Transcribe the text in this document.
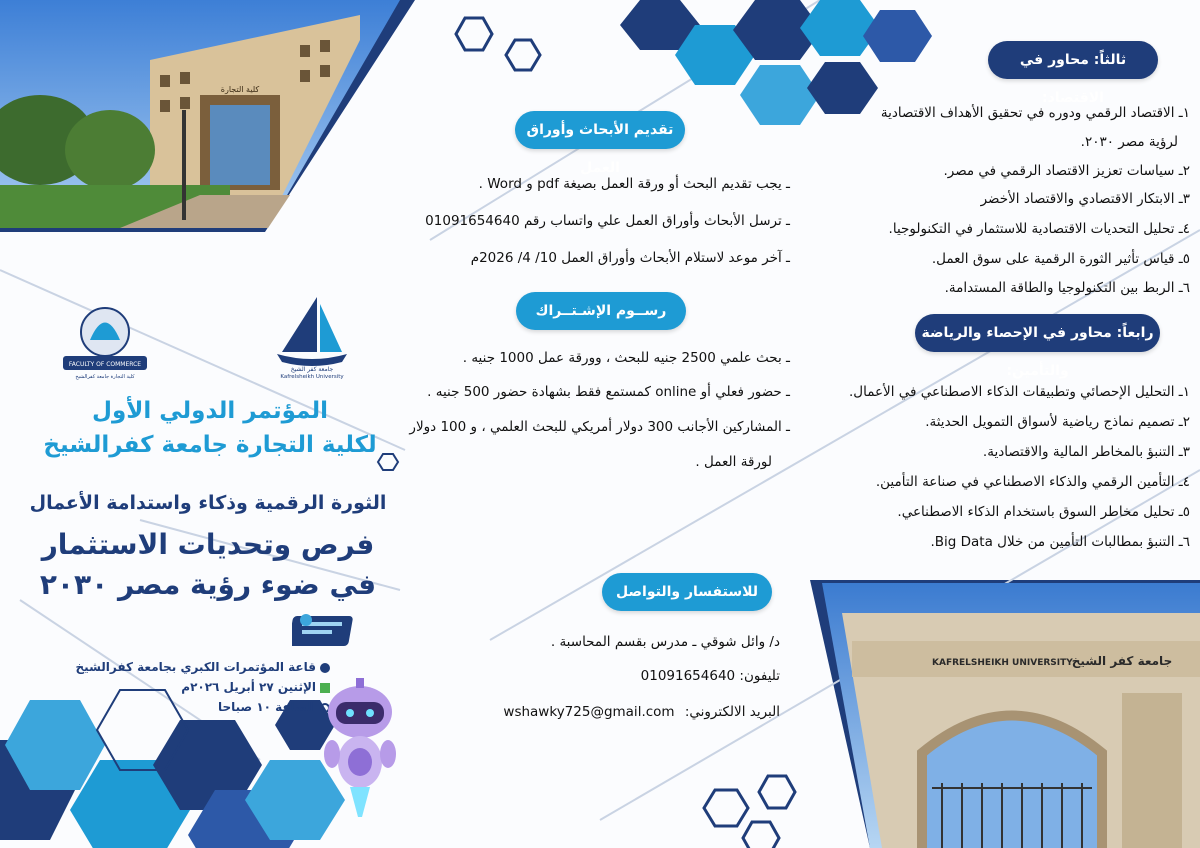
كلية التجارة
KAFRELSHEIKH UNIVERSITY
جامعة كفر الشيخ
FACULTY OF COMMERCE
كلية التجارة جامعة كفرالشيخ
جامعة كفر الشيخ
Kafrelsheikh University
المؤتمر الدولي الأول
لكلية التجارة جامعة كفرالشيخ
الثورة الرقمية وذكاء واستدامة الأعمال
فرص وتحديات الاستثمار
في ضوء رؤية مصر ٢٠٣٠
قاعة المؤتمرات الكبري بجامعة كفرالشيخ
الإثنين ٢٧ أبريل ٢٠٢٦م
الساعة ١٠ صباحا
تقديم الأبحاث وأوراق العمل
ـ يجب تقديم البحث أو ورقة العمل بصيغة pdf و Word .
ـ ترسل الأبحاث وأوراق العمل علي واتساب رقم 01091654640
ـ آخر موعد لاستلام الأبحاث وأوراق العمل 10/ 4/ 2026م
رســوم الإشـتــراك
ـ بحث علمي 2500 جنيه للبحث ، وورقة عمل 1000 جنيه .
ـ حضور فعلي أو online كمستمع فقط بشهادة حضور 500 جنيه .
ـ المشاركين الأجانب 300 دولار أمريكي للبحث العلمي ، و 100 دولار
لورقة العمل .
للاستفسار والتواصل
د/ وائل شوقي ـ مدرس بقسم المحاسبة .
تليفون: 01091654640
البريد الالكتروني: wshawky725@gmail.com
ثالثاً: محاور في الاقتصاد:
١ـ الاقتصاد الرقمي ودوره في تحقيق الأهداف الاقتصادية
لرؤية مصر ٢٠٣٠.
٢ـ سياسات تعزيز الاقتصاد الرقمي في مصر.
٣ـ الابتكار الاقتصادي والاقتصاد الأخضر
٤ـ تحليل التحديات الاقتصادية للاستثمار في التكنولوجيا.
٥ـ قياس تأثير الثورة الرقمية على سوق العمل.
٦ـ الربط بين التكنولوجيا والطاقة المستدامة.
رابعاً: محاور في الإحصاء والرياضة والتأمين:
١ـ التحليل الإحصائي وتطبيقات الذكاء الاصطناعي في الأعمال.
٢ـ تصميم نماذج رياضية لأسواق التمويل الحديثة.
٣ـ التنبؤ بالمخاطر المالية والاقتصادية.
٤ـ التأمين الرقمي والذكاء الاصطناعي في صناعة التأمين.
٥ـ تحليل مخاطر السوق باستخدام الذكاء الاصطناعي.
٦ـ التنبؤ بمطالبات التأمين من خلال Big Data.
